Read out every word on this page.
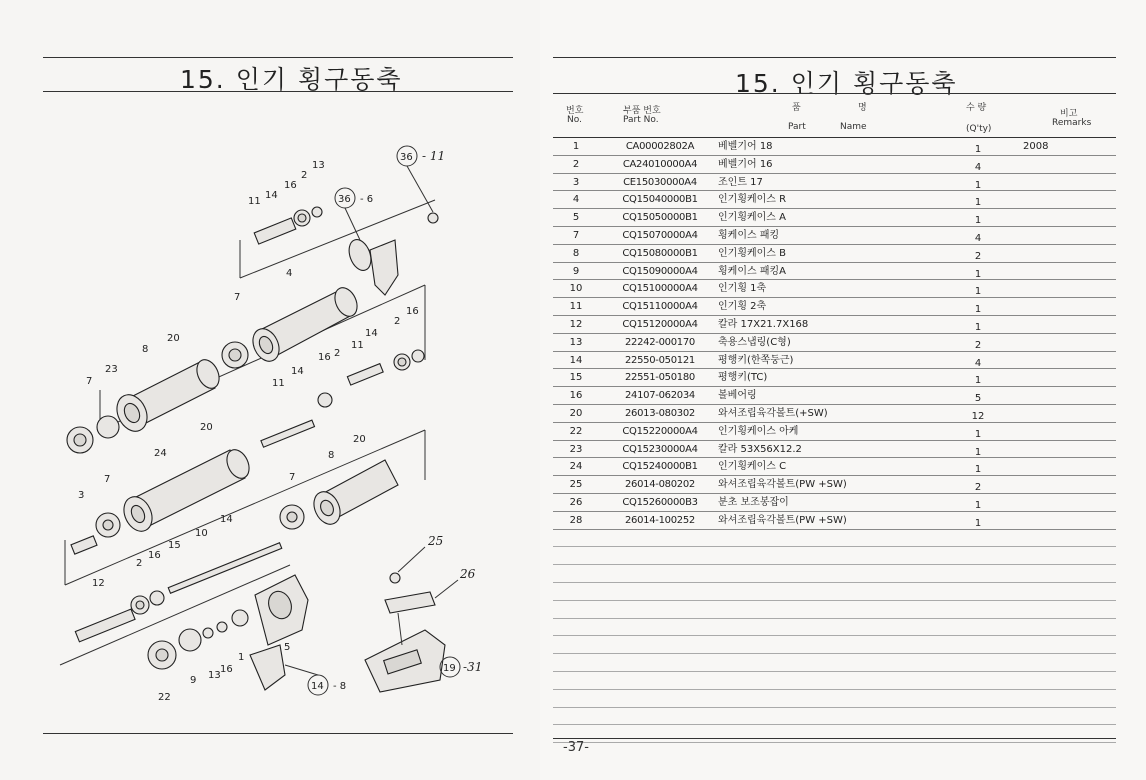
15. 인기 횡구동축
36 - 11
36 - 6
14 - 8
19 -31
13
2
16
14
11
4
7
20
8
23
7
16
2
14
11
2
16
14
11
20
24
7
20
8
7
3
14
10
15
16
2
12
22
9 13
16
1
5
25
26
15. 인기 횡구동축
번호
No.
부품 번호
Part No.
품	명
Part	Name
수 량
(Q'ty)
비고
Remarks
1	CA00002802A	베벨기어 18	1	2008
2	CA24010000A4	베벨기어 16	4
3	CE15030000A4	조인트 17	1
4	CQ15040000B1	인기횡케이스 R	1
5	CQ15050000B1	인기횡케이스 A	1
7	CQ15070000A4	횡케이스 패킹	4
8	CQ15080000B1	인기횡케이스 B	2
9	CQ15090000A4	횡케이스 패킹A	1
10	CQ15100000A4	인기횡 1축	1
11	CQ15110000A4	인기횡 2축	1
12	CQ15120000A4	칼라 17X21.7X168	1
13	22242-000170	축용스냅링(C형)	2
14	22550-050121	평행키(한쪽둥근)	4
15	22551-050180	평행키(TC)	1
16	24107-062034	볼베어링	5
20	26013-080302	와셔조립육각볼트(+SW)	12
22	CQ15220000A4	인기횡케이스 아케	1
23	CQ15230000A4	칼라 53X56X12.2	1
24	CQ15240000B1	인기횡케이스 C	1
25	26014-080202	와셔조립육각볼트(PW +SW)	2
26	CQ15260000B3	분초 보조봉잡이	1
28	26014-100252	와셔조립육각볼트(PW +SW)	1
-37-
